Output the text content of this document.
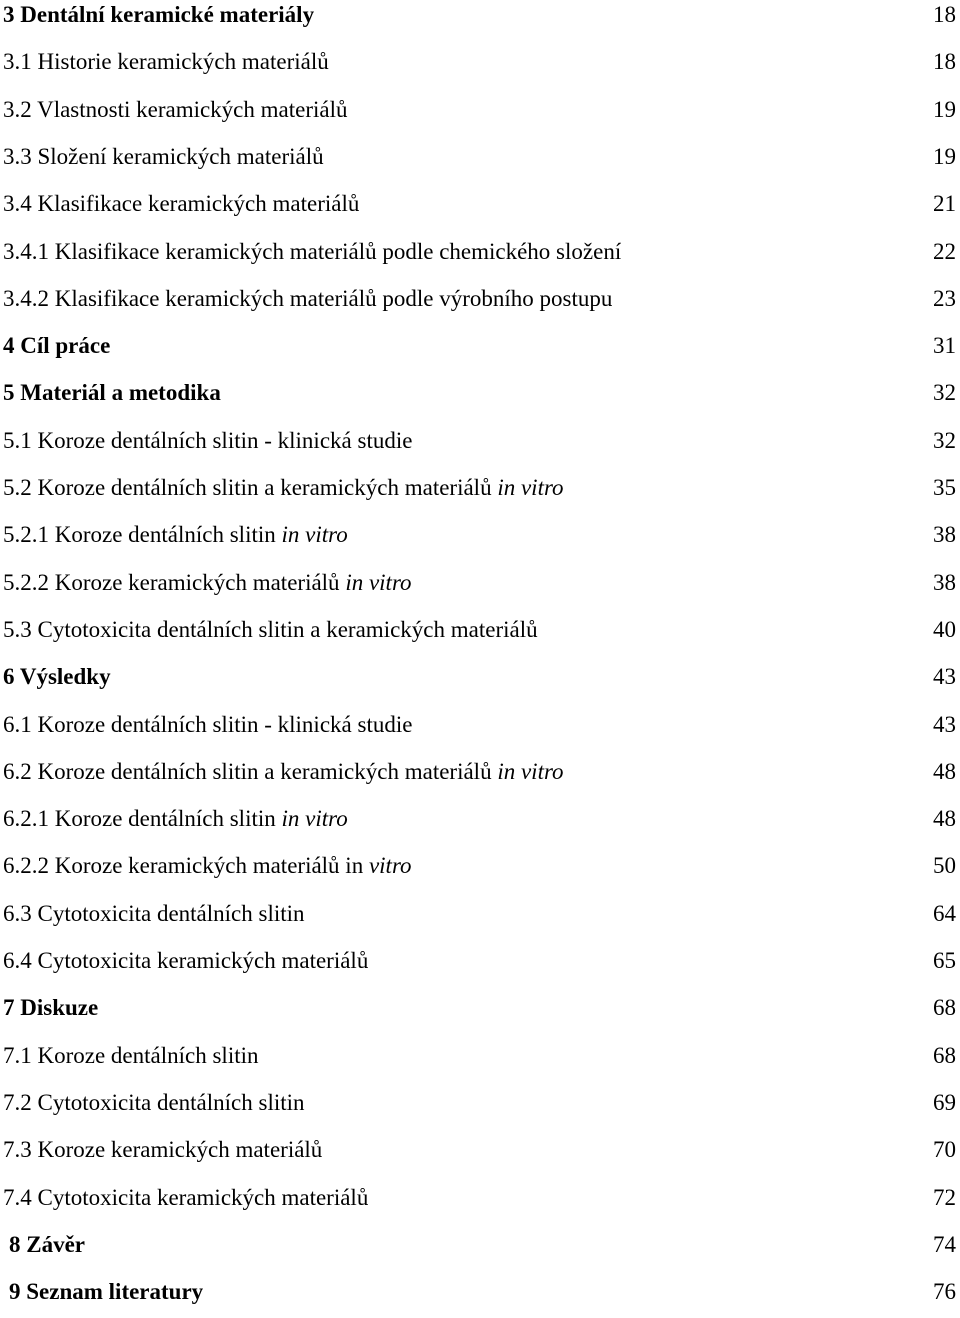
3 Dentální keramické materiály	18
3.1 Historie keramických materiálů	18
3.2 Vlastnosti keramických materiálů	19
3.3 Složení keramických materiálů	19
3.4 Klasifikace keramických materiálů	21
3.4.1 Klasifikace keramických materiálů podle chemického složení	22
3.4.2 Klasifikace keramických materiálů podle výrobního postupu	23
4 Cíl práce	31
5 Materiál a metodika	32
5.1 Koroze dentálních slitin - klinická studie	32
5.2 Koroze dentálních slitin a keramických materiálů in vitro	35
5.2.1 Koroze dentálních slitin in vitro	38
5.2.2 Koroze keramických materiálů in vitro	38
5.3 Cytotoxicita dentálních slitin a keramických materiálů	40
6 Výsledky	43
6.1 Koroze dentálních slitin - klinická studie	43
6.2 Koroze dentálních slitin a keramických materiálů in vitro	48
6.2.1 Koroze dentálních slitin in vitro	48
6.2.2 Koroze keramických materiálů in vitro	50
6.3 Cytotoxicita dentálních slitin	64
6.4 Cytotoxicita keramických materiálů	65
7 Diskuze	68
7.1 Koroze dentálních slitin	68
7.2 Cytotoxicita dentálních slitin	69
7.3 Koroze keramických materiálů	70
7.4 Cytotoxicita keramických materiálů	72
8 Závěr	74
9 Seznam literatury	76
